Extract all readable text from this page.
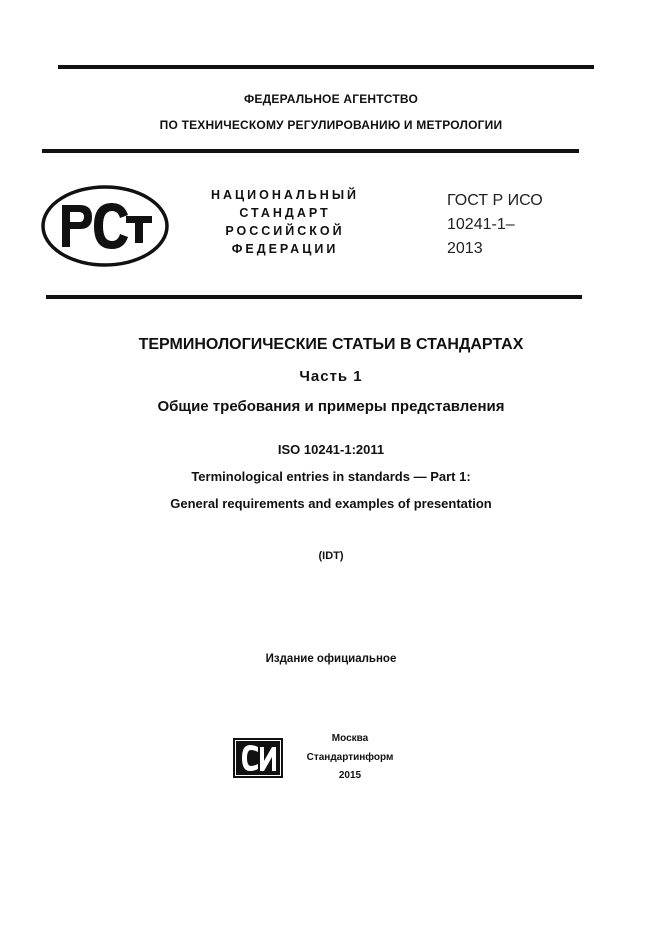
ФЕДЕРАЛЬНОЕ АГЕНТСТВО
ПО ТЕХНИЧЕСКОМУ РЕГУЛИРОВАНИЮ И МЕТРОЛОГИИ
РСТ
НАЦИОНАЛЬНЫЙ
СТАНДАРТ
РОССИЙСКОЙ
ФЕДЕРАЦИИ
ГОСТ Р ИСО
10241-1–
2013
ТЕРМИНОЛОГИЧЕСКИЕ СТАТЬИ В СТАНДАРТАХ
Часть 1
Общие требования и примеры представления
ISO 10241-1:2011
Terminological entries in standards — Part 1:
General requirements and examples of presentation
(IDT)
Издание официальное
СИ	Москва
Стандартинформ
2015
